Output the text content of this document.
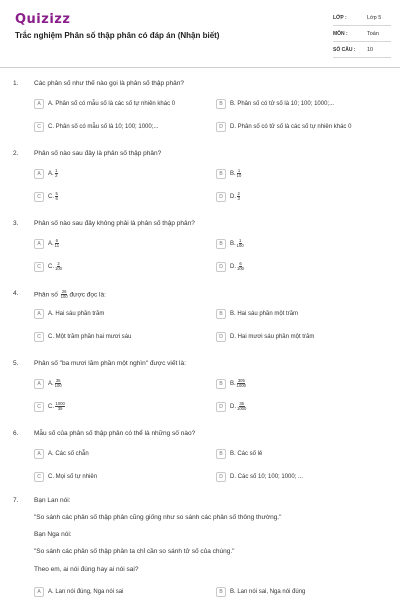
Quizizz
Trắc nghiệm Phân số thập phân có đáp án (Nhận biết)
LỚP :	Lớp 5
MÔN :	Toán
SỐ CÂU : 10
1. Các phân số như thế nào gọi là phân số thập phân?
A	A. Phân số có mẫu số là các số tự nhiên khác 0	B	B. Phân số có tử số là 10; 100; 1000;...
C	C. Phân số có mẫu số là 10; 100; 1000;...	D	D. Phân số có tử số là các số tự nhiên khác 0
2. Phân số nào sau đây là phân số thập phân?
A	A. $\frac{1}{2}$	B	B. $\frac{1}{10}$
C	C. $\frac{5}{6}$	D	D. $\frac{2}{3}$
3. Phân số nào sau đây không phải là phân số thập phân?
A	A. $\frac{6}{11}$	B	B. $\frac{1}{100}$
C	C. $\frac{2}{100}$	D	D. $\frac{6}{100}$
4. Phân số $\frac{26}{100}$ được đọc là:
A	A. Hai sáu phần trăm	B	B. Hai sáu phần một trăm
C	C. Một trăm phần hai mươi sáu	D	D. Hai mươi sáu phần một trăm
5. Phân số "ba mươi lăm phần một nghìn" được viết là:
A	A. $\frac{35}{100}$	B	B. $\frac{305}{1000}$
C	C. $\frac{1000}{35}$	D	D. $\frac{35}{1000}$
6. Mẫu số của phân số thập phân có thể là những số nào?
A	A. Các số chẵn	B	B. Các số lẻ
C	C. Mọi số tự nhiên	D	D. Các số 10; 100; 1000; ...
7. Bạn Lan nói:
"So sánh các phân số thập phân cũng giống như so sánh các phân số thông thường."
Bạn Nga nói:
"So sánh các phân số thập phân ta chỉ cần so sánh tử số của chúng."
Theo em, ai nói đúng hay ai nói sai?
A	A. Lan nói đúng, Nga nói sai	B	B. Lan nói sai, Nga nói đúng
